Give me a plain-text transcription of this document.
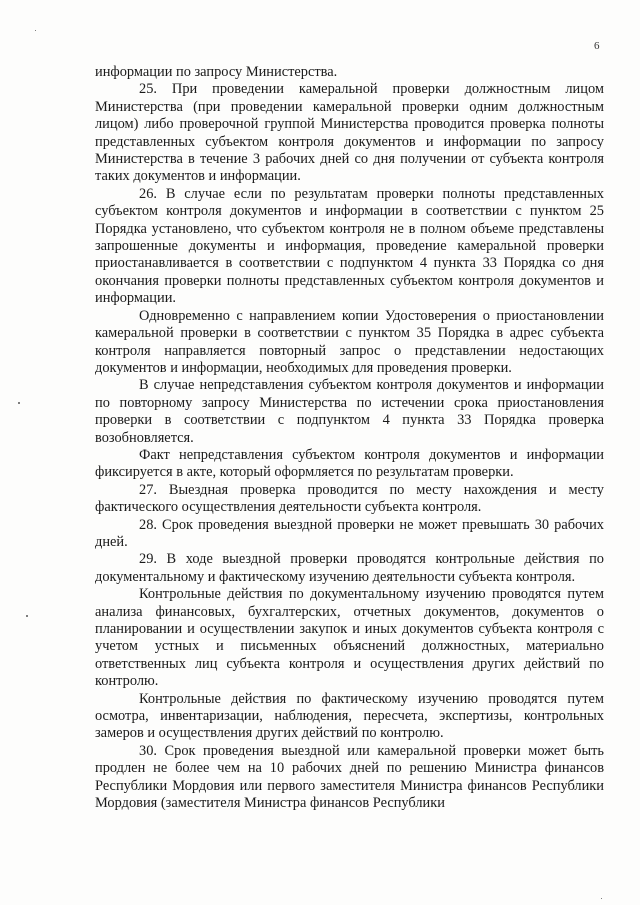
6

информации по запросу Министерства.

25. При проведении камеральной проверки должностным лицом Министерства (при проведении камеральной проверки одним должностным лицом) либо проверочной группой Министерства проводится проверка полноты представленных субъектом контроля документов и информации по запросу Министерства в течение 3 рабочих дней со дня получении от субъекта контроля таких документов и информации.

26. В случае если по результатам проверки полноты представленных субъектом контроля документов и информации в соответствии с пунктом 25 Порядка установлено, что субъектом контроля не в полном объеме представлены запрошенные документы и информация, проведение камеральной проверки приостанавливается в соответствии с подпунктом 4 пункта 33 Порядка со дня окончания проверки полноты представленных субъектом контроля документов и информации.

Одновременно с направлением копии Удостоверения о приостановлении камеральной проверки в соответствии с пунктом 35 Порядка в адрес субъекта контроля направляется повторный запрос о представлении недостающих документов и информации, необходимых для проведения проверки.

В случае непредставления субъектом контроля документов и информации по повторному запросу Министерства по истечении срока приостановления проверки в соответствии с подпунктом 4 пункта 33 Порядка проверка возобновляется.

Факт непредставления субъектом контроля документов и информации фиксируется в акте, который оформляется по результатам проверки.

27. Выездная проверка проводится по месту нахождения и месту фактического осуществления деятельности субъекта контроля.

28. Срок проведения выездной проверки не может превышать 30 рабочих дней.

29. В ходе выездной проверки проводятся контрольные действия по документальному и фактическому изучению деятельности субъекта контроля.

Контрольные действия по документальному изучению проводятся путем анализа финансовых, бухгалтерских, отчетных документов, документов о планировании и осуществлении закупок и иных документов субъекта контроля с учетом устных и письменных объяснений должностных, материально ответственных лиц субъекта контроля и осуществления других действий по контролю.

Контрольные действия по фактическому изучению проводятся путем осмотра, инвентаризации, наблюдения, пересчета, экспертизы, контрольных замеров и осуществления других действий по контролю.

30. Срок проведения выездной или камеральной проверки может быть продлен не более чем на 10 рабочих дней по решению Министра финансов Республики Мордовия или первого заместителя Министра финансов Республики Мордовия (заместителя Министра финансов Республики
